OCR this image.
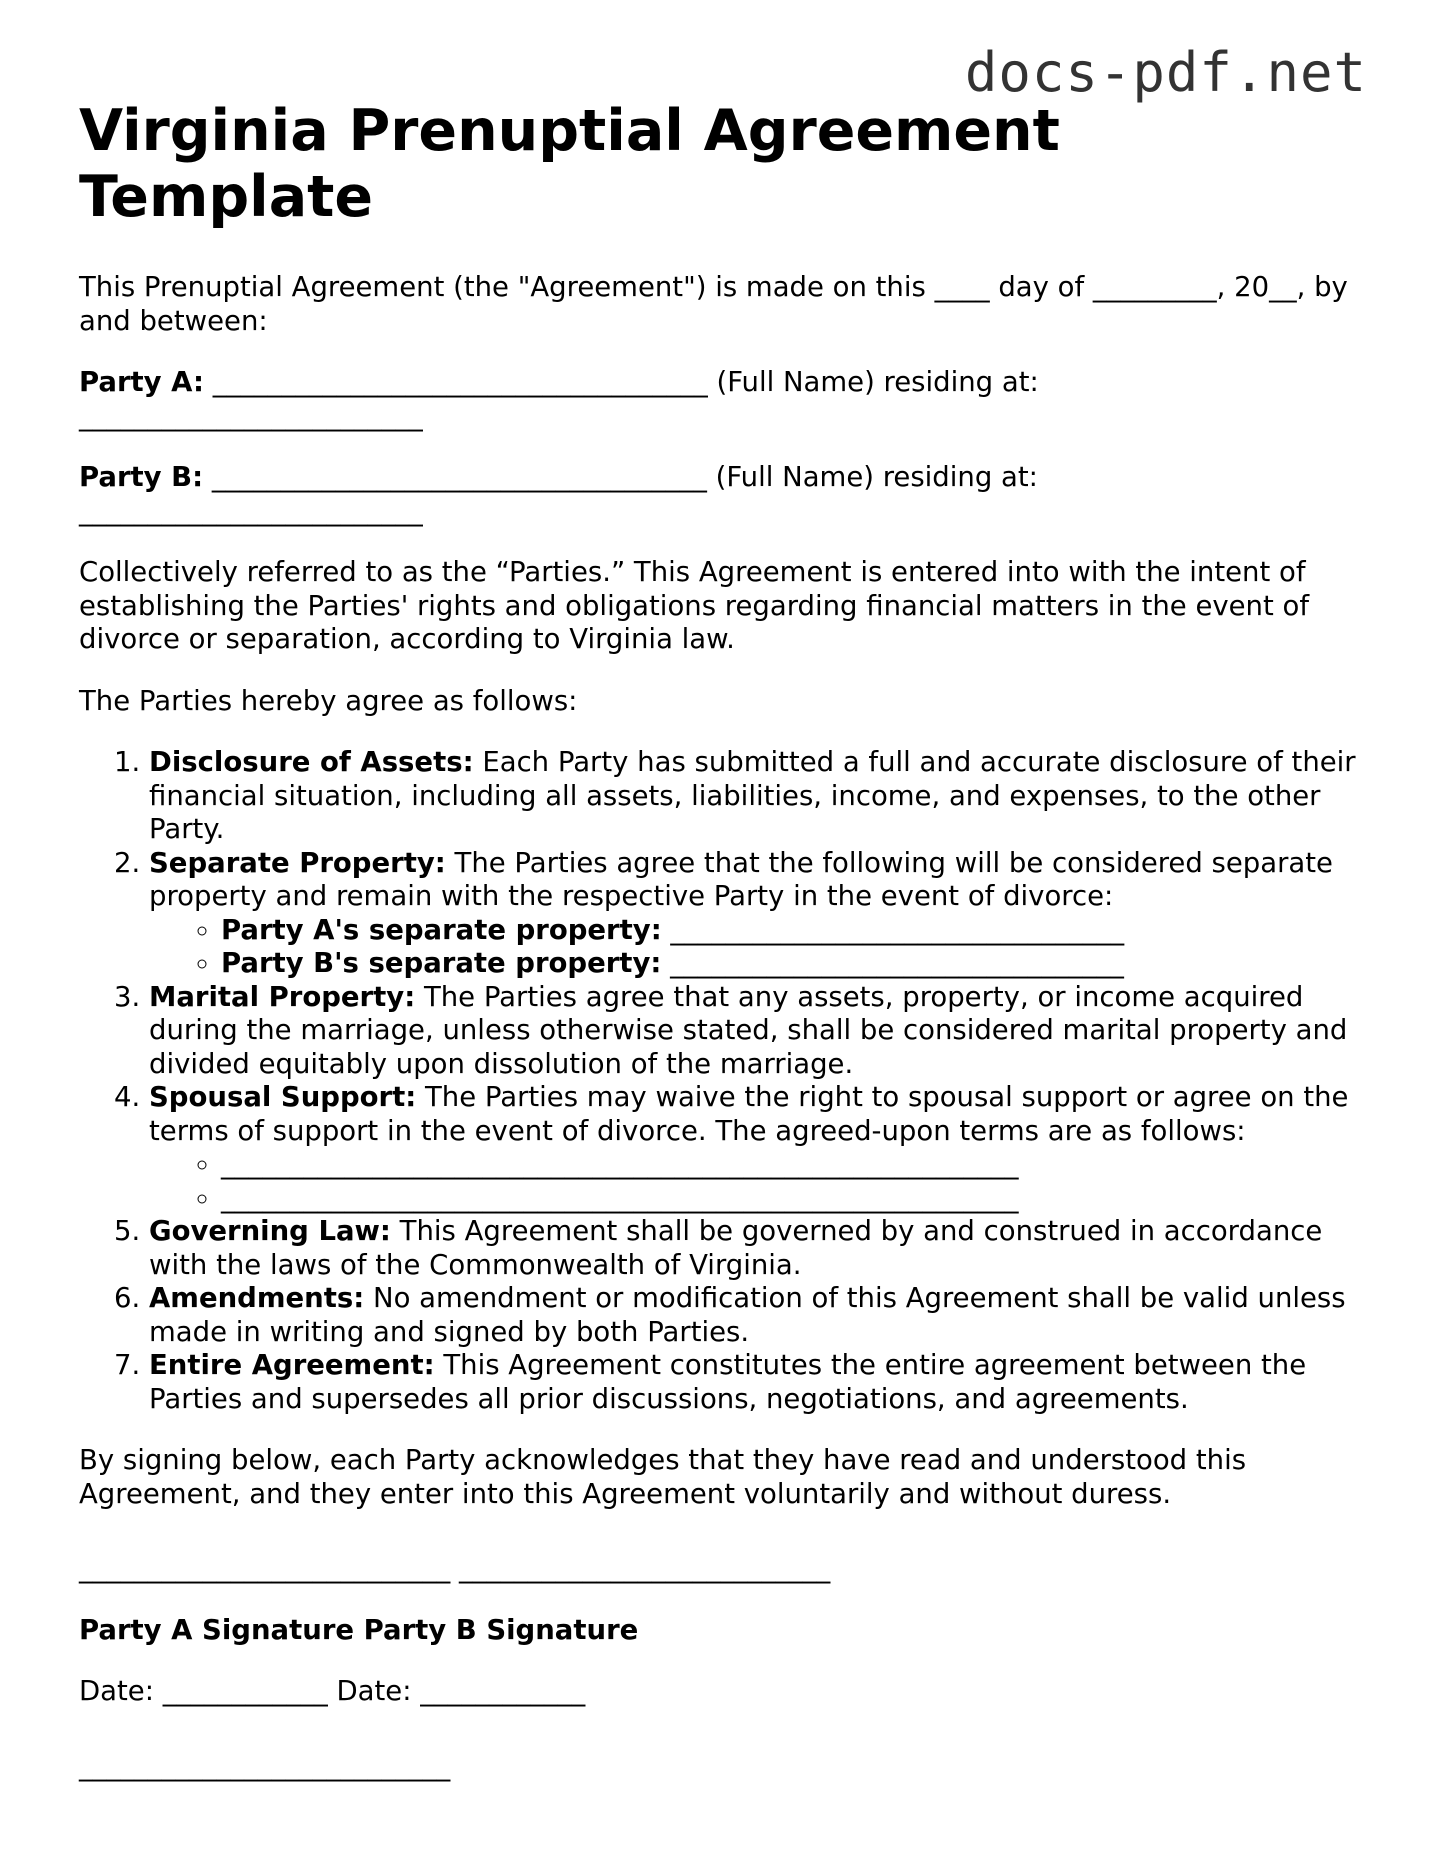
docs-pdf.net
Virginia Prenuptial Agreement Template

This Prenuptial Agreement (the "Agreement") is made on this ____ day of _________, 20__, by and between:

Party A: ____________________________________ (Full Name) residing at: _________________________

Party B: ____________________________________ (Full Name) residing at: _________________________

Collectively referred to as the “Parties.” This Agreement is entered into with the intent of establishing the Parties' rights and obligations regarding financial matters in the event of divorce or separation, according to Virginia law.

The Parties hereby agree as follows:

1. Disclosure of Assets: Each Party has submitted a full and accurate disclosure of their financial situation, including all assets, liabilities, income, and expenses, to the other Party.
2. Separate Property: The Parties agree that the following will be considered separate property and remain with the respective Party in the event of divorce:
◦ Party A's separate property: _________________________________
◦ Party B's separate property: _________________________________
3. Marital Property: The Parties agree that any assets, property, or income acquired during the marriage, unless otherwise stated, shall be considered marital property and divided equitably upon dissolution of the marriage.
4. Spousal Support: The Parties may waive the right to spousal support or agree on the terms of support in the event of divorce. The agreed-upon terms are as follows:
◦ __________________________________________________________
◦ __________________________________________________________
5. Governing Law: This Agreement shall be governed by and construed in accordance with the laws of the Commonwealth of Virginia.
6. Amendments: No amendment or modification of this Agreement shall be valid unless made in writing and signed by both Parties.
7. Entire Agreement: This Agreement constitutes the entire agreement between the Parties and supersedes all prior discussions, negotiations, and agreements.

By signing below, each Party acknowledges that they have read and understood this Agreement, and they enter into this Agreement voluntarily and without duress.

___________________________ ___________________________

Party A Signature Party B Signature

Date: ____________ Date: ____________

___________________________
